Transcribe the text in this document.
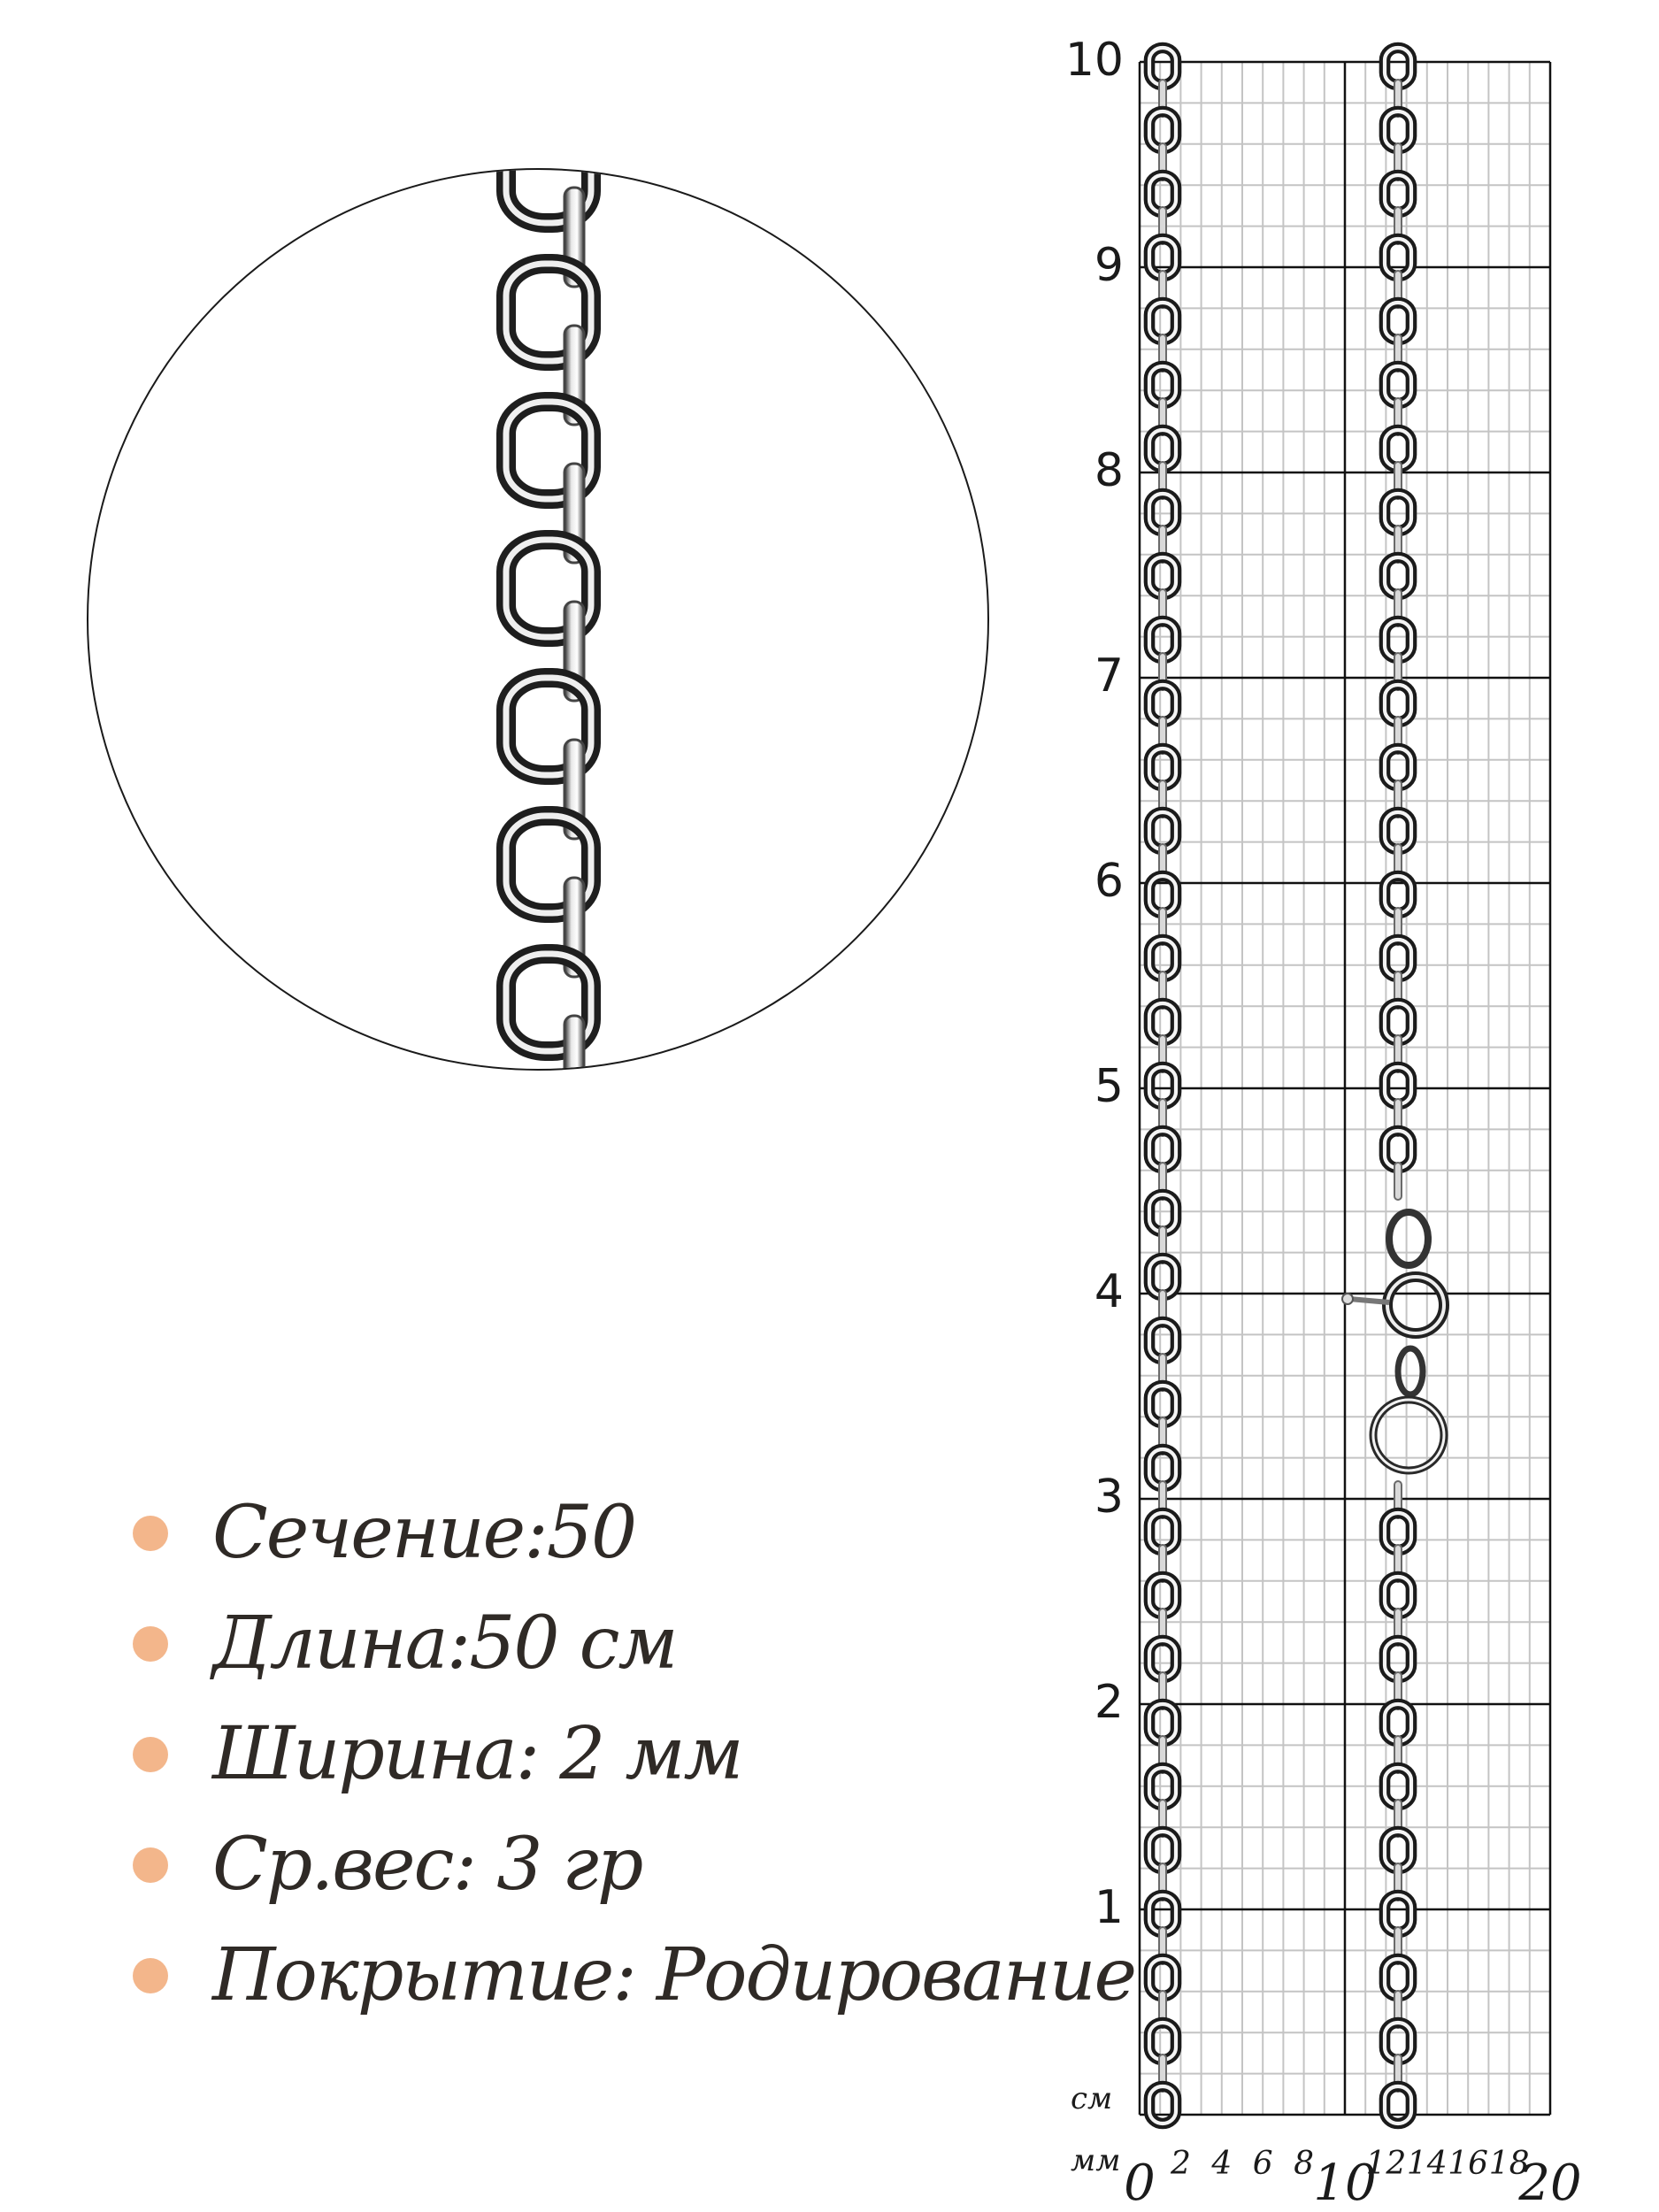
10
9
8
7
6
5
4
3
2
1
см
мм	2 4 6 8	12 14 16 18
0	10	20
Сечение:50
Длина:50 см
Ширина: 2 мм
Ср.вес: 3 гр
Покрытие: Родирование
